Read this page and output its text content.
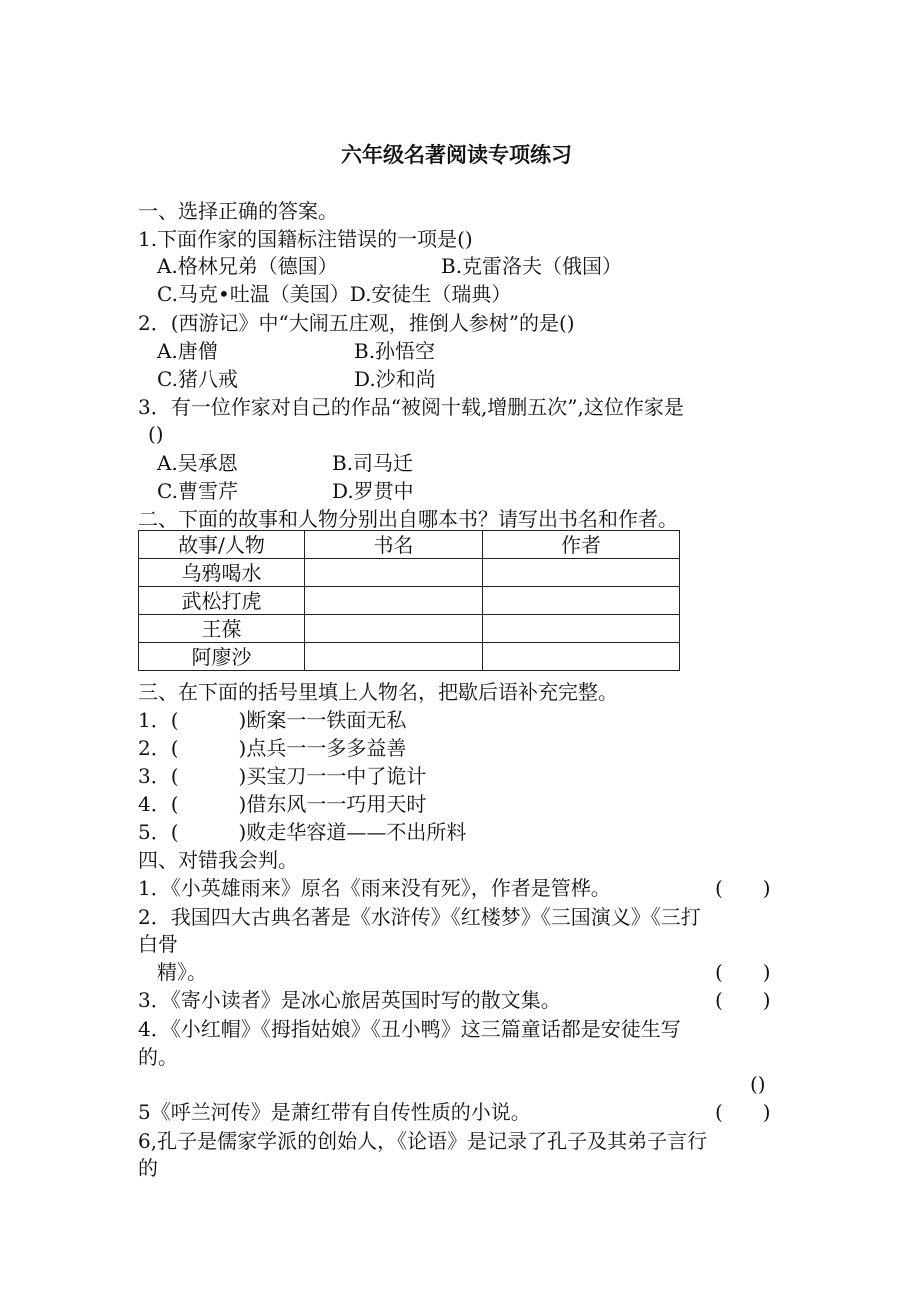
六年级名著阅读专项练习
一、选择正确的答案。
1.下面作家的国籍标注错误的一项是()
A.格林兄弟（德国）	B.克雷洛夫（俄国）
C.马克•吐温（美国）D.安徒生（瑞典）
2．(西游记》中“大闹五庄观，推倒人参树”的是()
A.唐僧	B.孙悟空
C.猪八戒	D.沙和尚
3．有一位作家对自己的作品“被阅十载,增删五次”,这位作家是
()
A.吴承恩	B.司马迁
C.曹雪芹	D.罗贯中
二、下面的故事和人物分别出自哪本书？请写出书名和作者。
故事/人物	书名	作者
乌鸦喝水		
武松打虎		
王葆		
阿廖沙		
三、在下面的括号里填上人物名，把歇后语补充完整。
1．(　　　)断案一一铁面无私
2．(　　　)点兵一一多多益善
3．(　　　)买宝刀一一中了诡计
4．(　　　)借东风一一巧用天时
5．(　　　)败走华容道——不出所料
四、对错我会判。
1．《小英雄雨来》原名《雨来没有死》，作者是管桦。	(　　)
2．我国四大古典名著是《水浒传》《红楼梦》《三国演义》《三打
白骨
精》。	(　　)
3．《寄小读者》是冰心旅居英国时写的散文集。	(　　)
4．《小红帽》《拇指姑娘》《丑小鸭》这三篇童话都是安徒生写
的。
()
5《呼兰河传》是萧红带有自传性质的小说。	(　　)
6,孔子是儒家学派的创始人，《论语》是记录了孔子及其弟子言行
的
